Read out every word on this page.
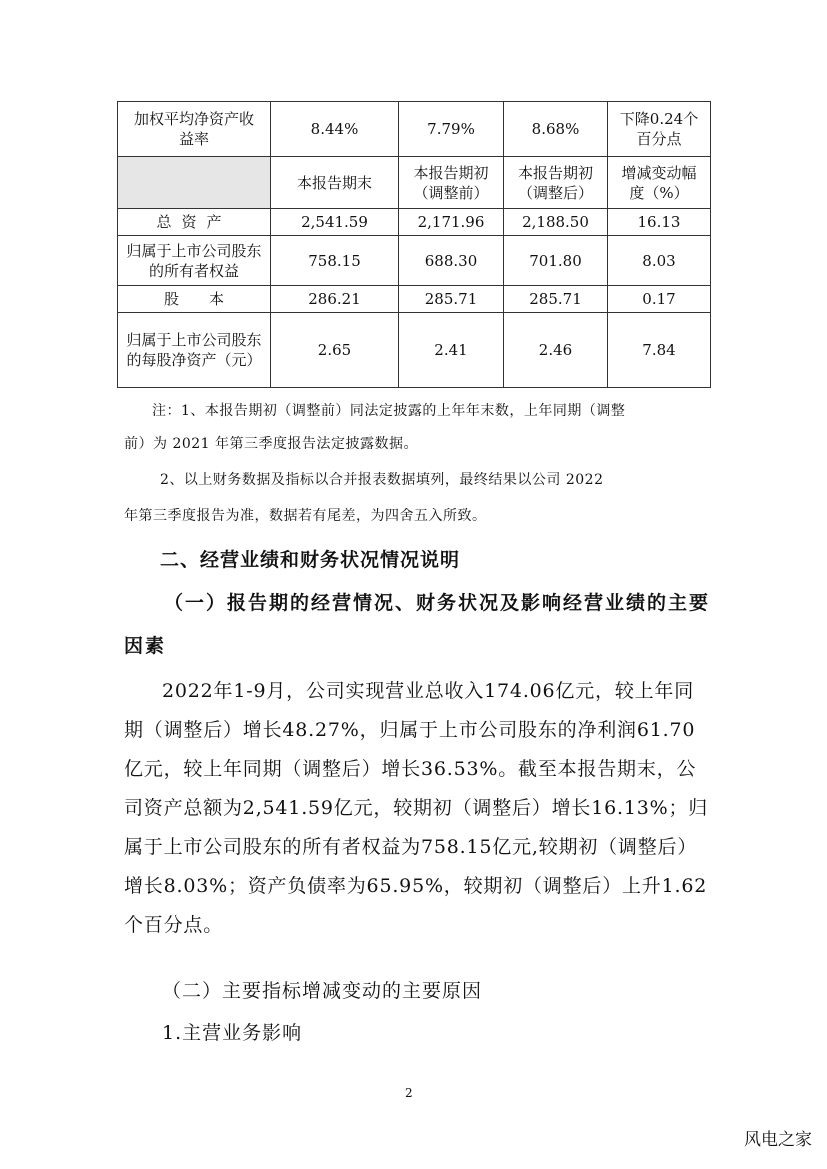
加权平均净资产收益率	8.44%	7.79%	8.68%	下降0.24个百分点
	本报告期末	本报告期初（调整前）	本报告期初（调整后）	增减变动幅度（%）
总资产	2,541.59	2,171.96	2,188.50	16.13
归属于上市公司股东的所有者权益	758.15	688.30	701.80	8.03
股本	286.21	285.71	285.71	0.17
归属于上市公司股东的每股净资产（元）	2.65	2.41	2.46	7.84
注：1、本报告期初（调整前）同法定披露的上年年末数，上年同期（调整
前）为 2021 年第三季度报告法定披露数据。
2、以上财务数据及指标以合并报表数据填列，最终结果以公司 2022
年第三季度报告为准，数据若有尾差，为四舍五入所致。
二、经营业绩和财务状况情况说明
（一）报告期的经营情况、财务状况及影响经营业绩的主要
因素
2022年1-9月，公司实现营业总收入174.06亿元，较上年同
期（调整后）增长48.27%，归属于上市公司股东的净利润61.70
亿元，较上年同期（调整后）增长36.53%。截至本报告期末，公
司资产总额为2,541.59亿元，较期初（调整后）增长16.13%；归
属于上市公司股东的所有者权益为758.15亿元,较期初（调整后）
增长8.03%；资产负债率为65.95%，较期初（调整后）上升1.62
个百分点。
（二）主要指标增减变动的主要原因
1.主营业务影响
2
风电之家
